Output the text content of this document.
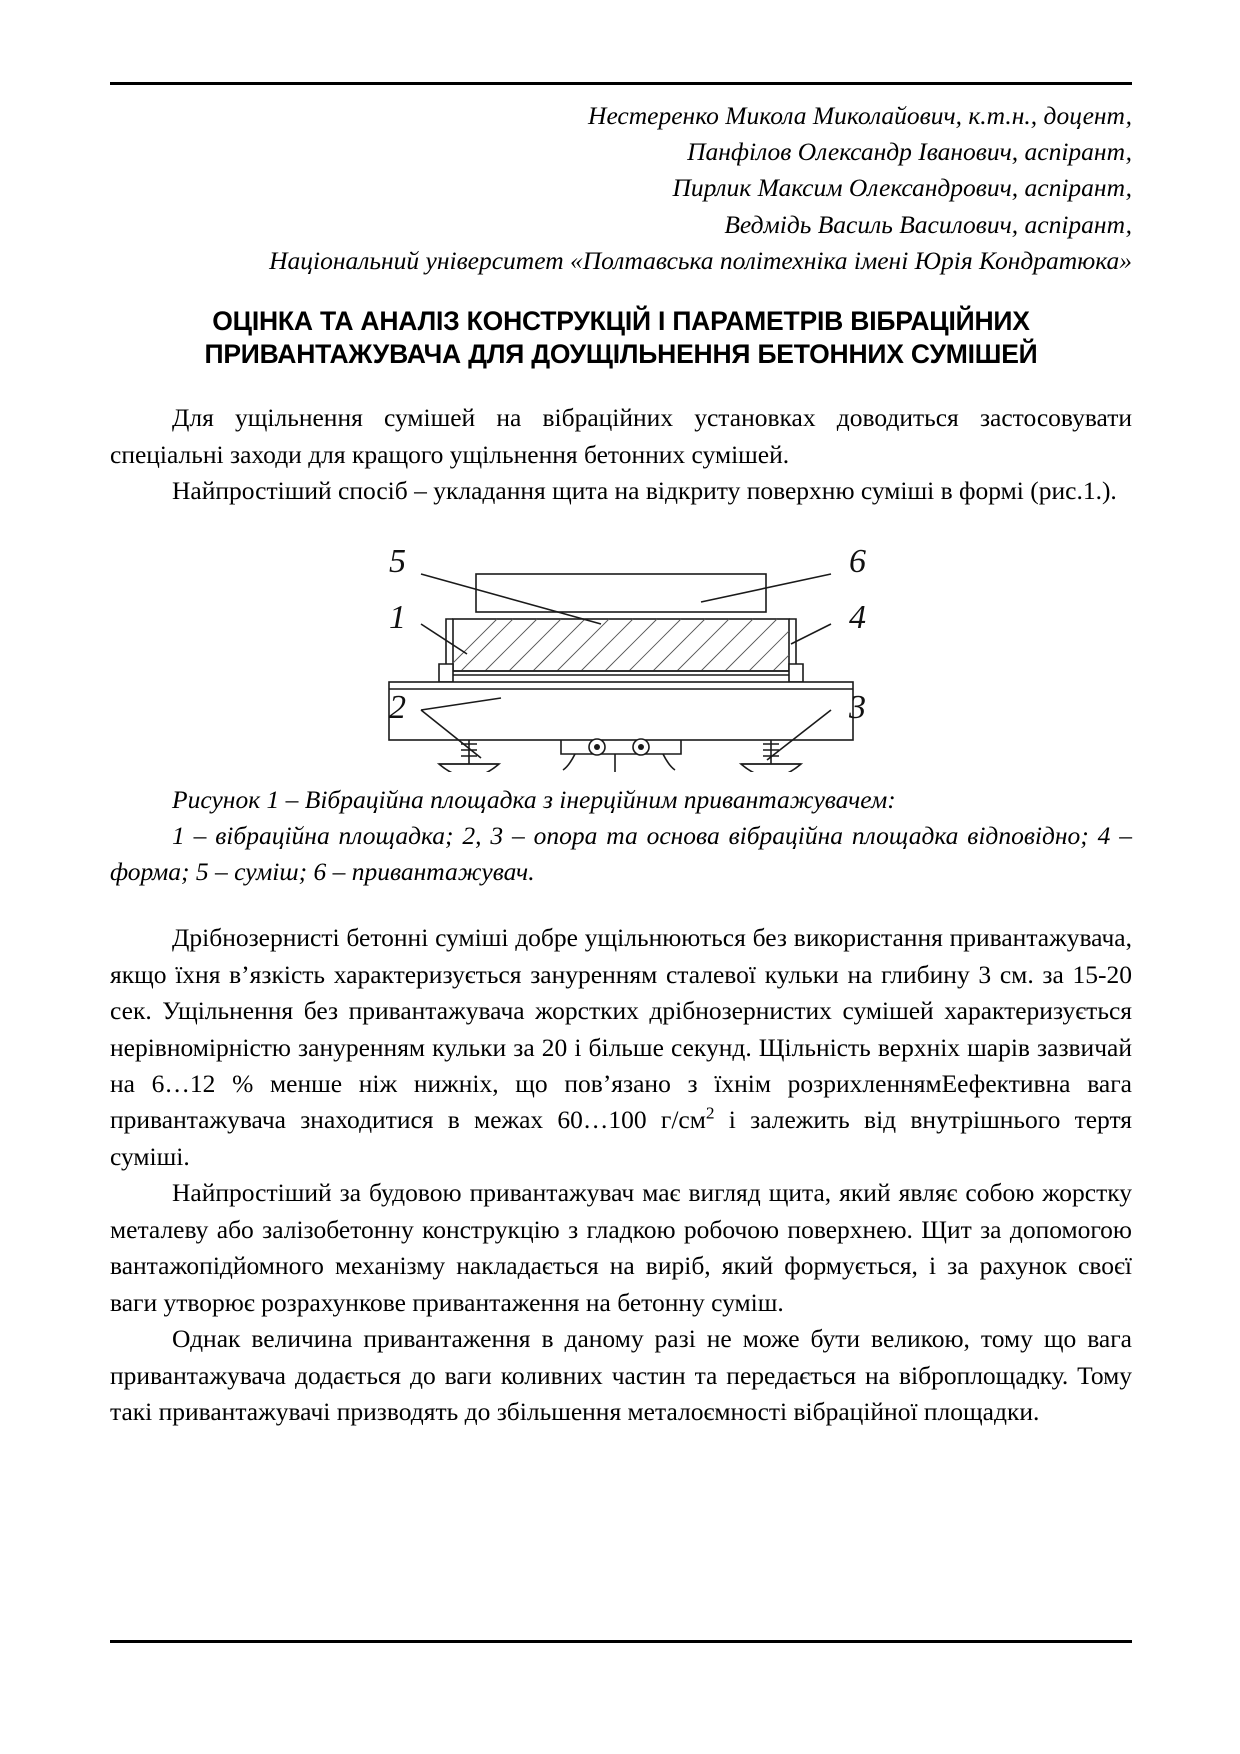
Нестеренко Микола Миколайович, к.т.н., доцент,
Панфілов Олександр Іванович, аспірант,
Пирлик Максим Олександрович, аспірант,
Ведмідь Василь Василович, аспірант,
Національний університет «Полтавська політехніка імені Юрія Кондратюка»
ОЦІНКА ТА АНАЛІЗ КОНСТРУКЦІЙ І ПАРАМЕТРІВ ВІБРАЦІЙНИХ ПРИВАНТАЖУВАЧА ДЛЯ ДОУЩІЛЬНЕННЯ БЕТОННИХ СУМІШЕЙ

Для ущільнення сумішей на вібраційних установках доводиться застосовувати спеціальні заходи для кращого ущільнення бетонних сумішей.

Найпростіший спосіб – укладання щита на відкриту поверхню суміші в формі (рис.1.).

5	6
1	4
2	3
Рисунок 1 – Вібраційна площадка з інерційним привантажувачем:
1 – вібраційна площадка; 2, 3 – опора та основа вібраційна площадка відповідно; 4 – форма; 5 – суміш; 6 – привантажувач.

Дрібнозернисті бетонні суміші добре ущільнюються без використання привантажувача, якщо їхня в’язкість характеризується зануренням сталевої кульки на глибину 3 см. за 15-20 сек. Ущільнення без привантажувача жорстких дрібнозернистих сумішей характеризується нерівномірністю зануренням кульки за 20 і більше секунд. Щільність верхніх шарів зазвичай на 6…12 % менше ніж нижніх, що пов’язано з їхнім розрихленнямЕефективна вага привантажувача знаходитися в межах 60…100 $г/см^2$ і залежить від внутрішнього тертя суміші.

Найпростіший за будовою привантажувач має вигляд щита, який являє собою жорстку металеву або залізобетонну конструкцію з гладкою робочою поверхнею. Щит за допомогою вантажопідйомного механізму накладається на виріб, який формується, і за рахунок своєї ваги утворює розрахункове привантаження на бетонну суміш.

Однак величина привантаження в даному разі не може бути великою, тому що вага привантажувача додається до ваги коливних частин та передається на віброплощадку. Тому такі привантажувачі призводять до збільшення металоємності вібраційної площадки.
